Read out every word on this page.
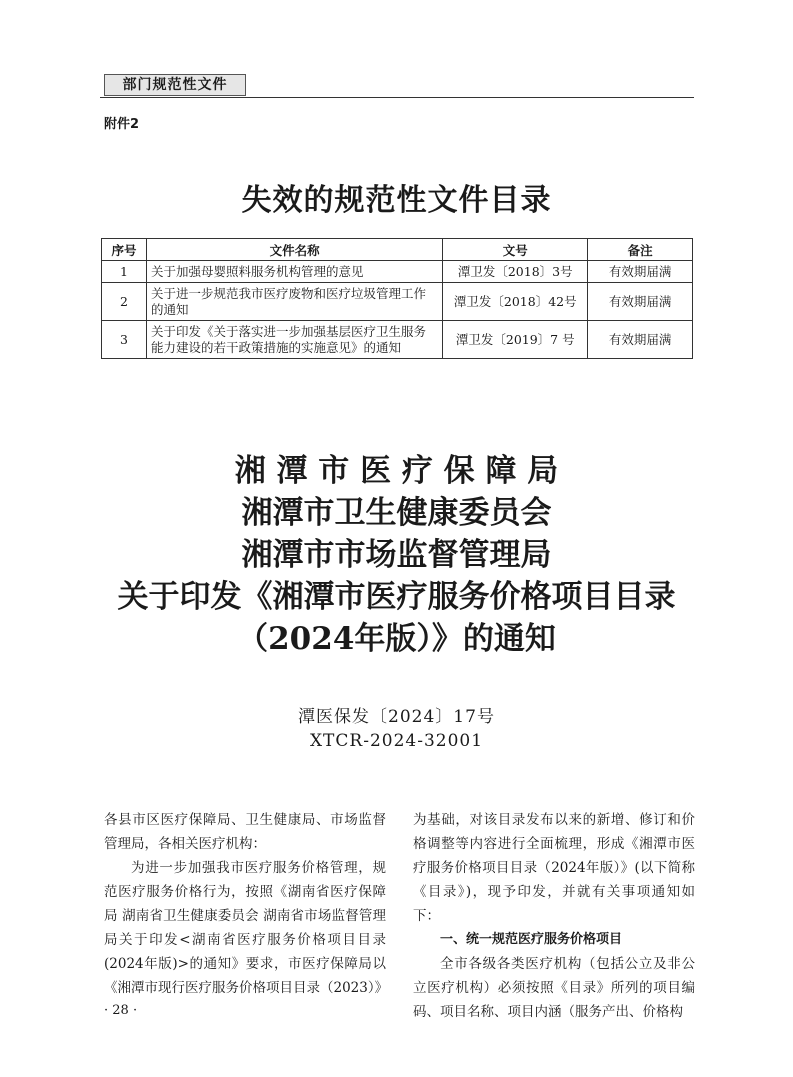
部门规范性文件
附件2
失效的规范性文件目录
序号	文件名称	文号	备注
1	关于加强母婴照料服务机构管理的意见	潭卫发〔2018〕3号	有效期届满
2	关于进一步规范我市医疗废物和医疗垃圾管理工作的通知	潭卫发〔2018〕42号	有效期届满
3	关于印发《关于落实进一步加强基层医疗卫生服务能力建设的若干政策措施的实施意见》的通知	潭卫发〔2019〕7 号	有效期届满
湘 潭 市 医 疗 保 障 局
湘潭市卫生健康委员会
湘潭市市场监督管理局
关于印发《湘潭市医疗服务价格项目目录
（2024年版）》的通知
潭医保发〔2024〕17号
XTCR-2024-32001

各县市区医疗保障局、卫生健康局、市场监督管理局，各相关医疗机构：

为进一步加强我市医疗服务价格管理，规范医疗服务价格行为，按照《湖南省医疗保障局 湖南省卫生健康委员会 湖南省市场监督管理局关于印发<湖南省医疗服务价格项目目录(2024年版)>的通知》要求，市医疗保障局以《湘潭市现行医疗服务价格项目目录（2023）》

为基础，对该目录发布以来的新增、修订和价格调整等内容进行全面梳理，形成《湘潭市医疗服务价格项目目录（2024年版）》(以下简称《目录》)，现予印发，并就有关事项通知如下：

一、统一规范医疗服务价格项目

全市各级各类医疗机构（包括公立及非公立医疗机构）必须按照《目录》所列的项目编码、项目名称、项目内涵（服务产出、价格构

· 28 ·
